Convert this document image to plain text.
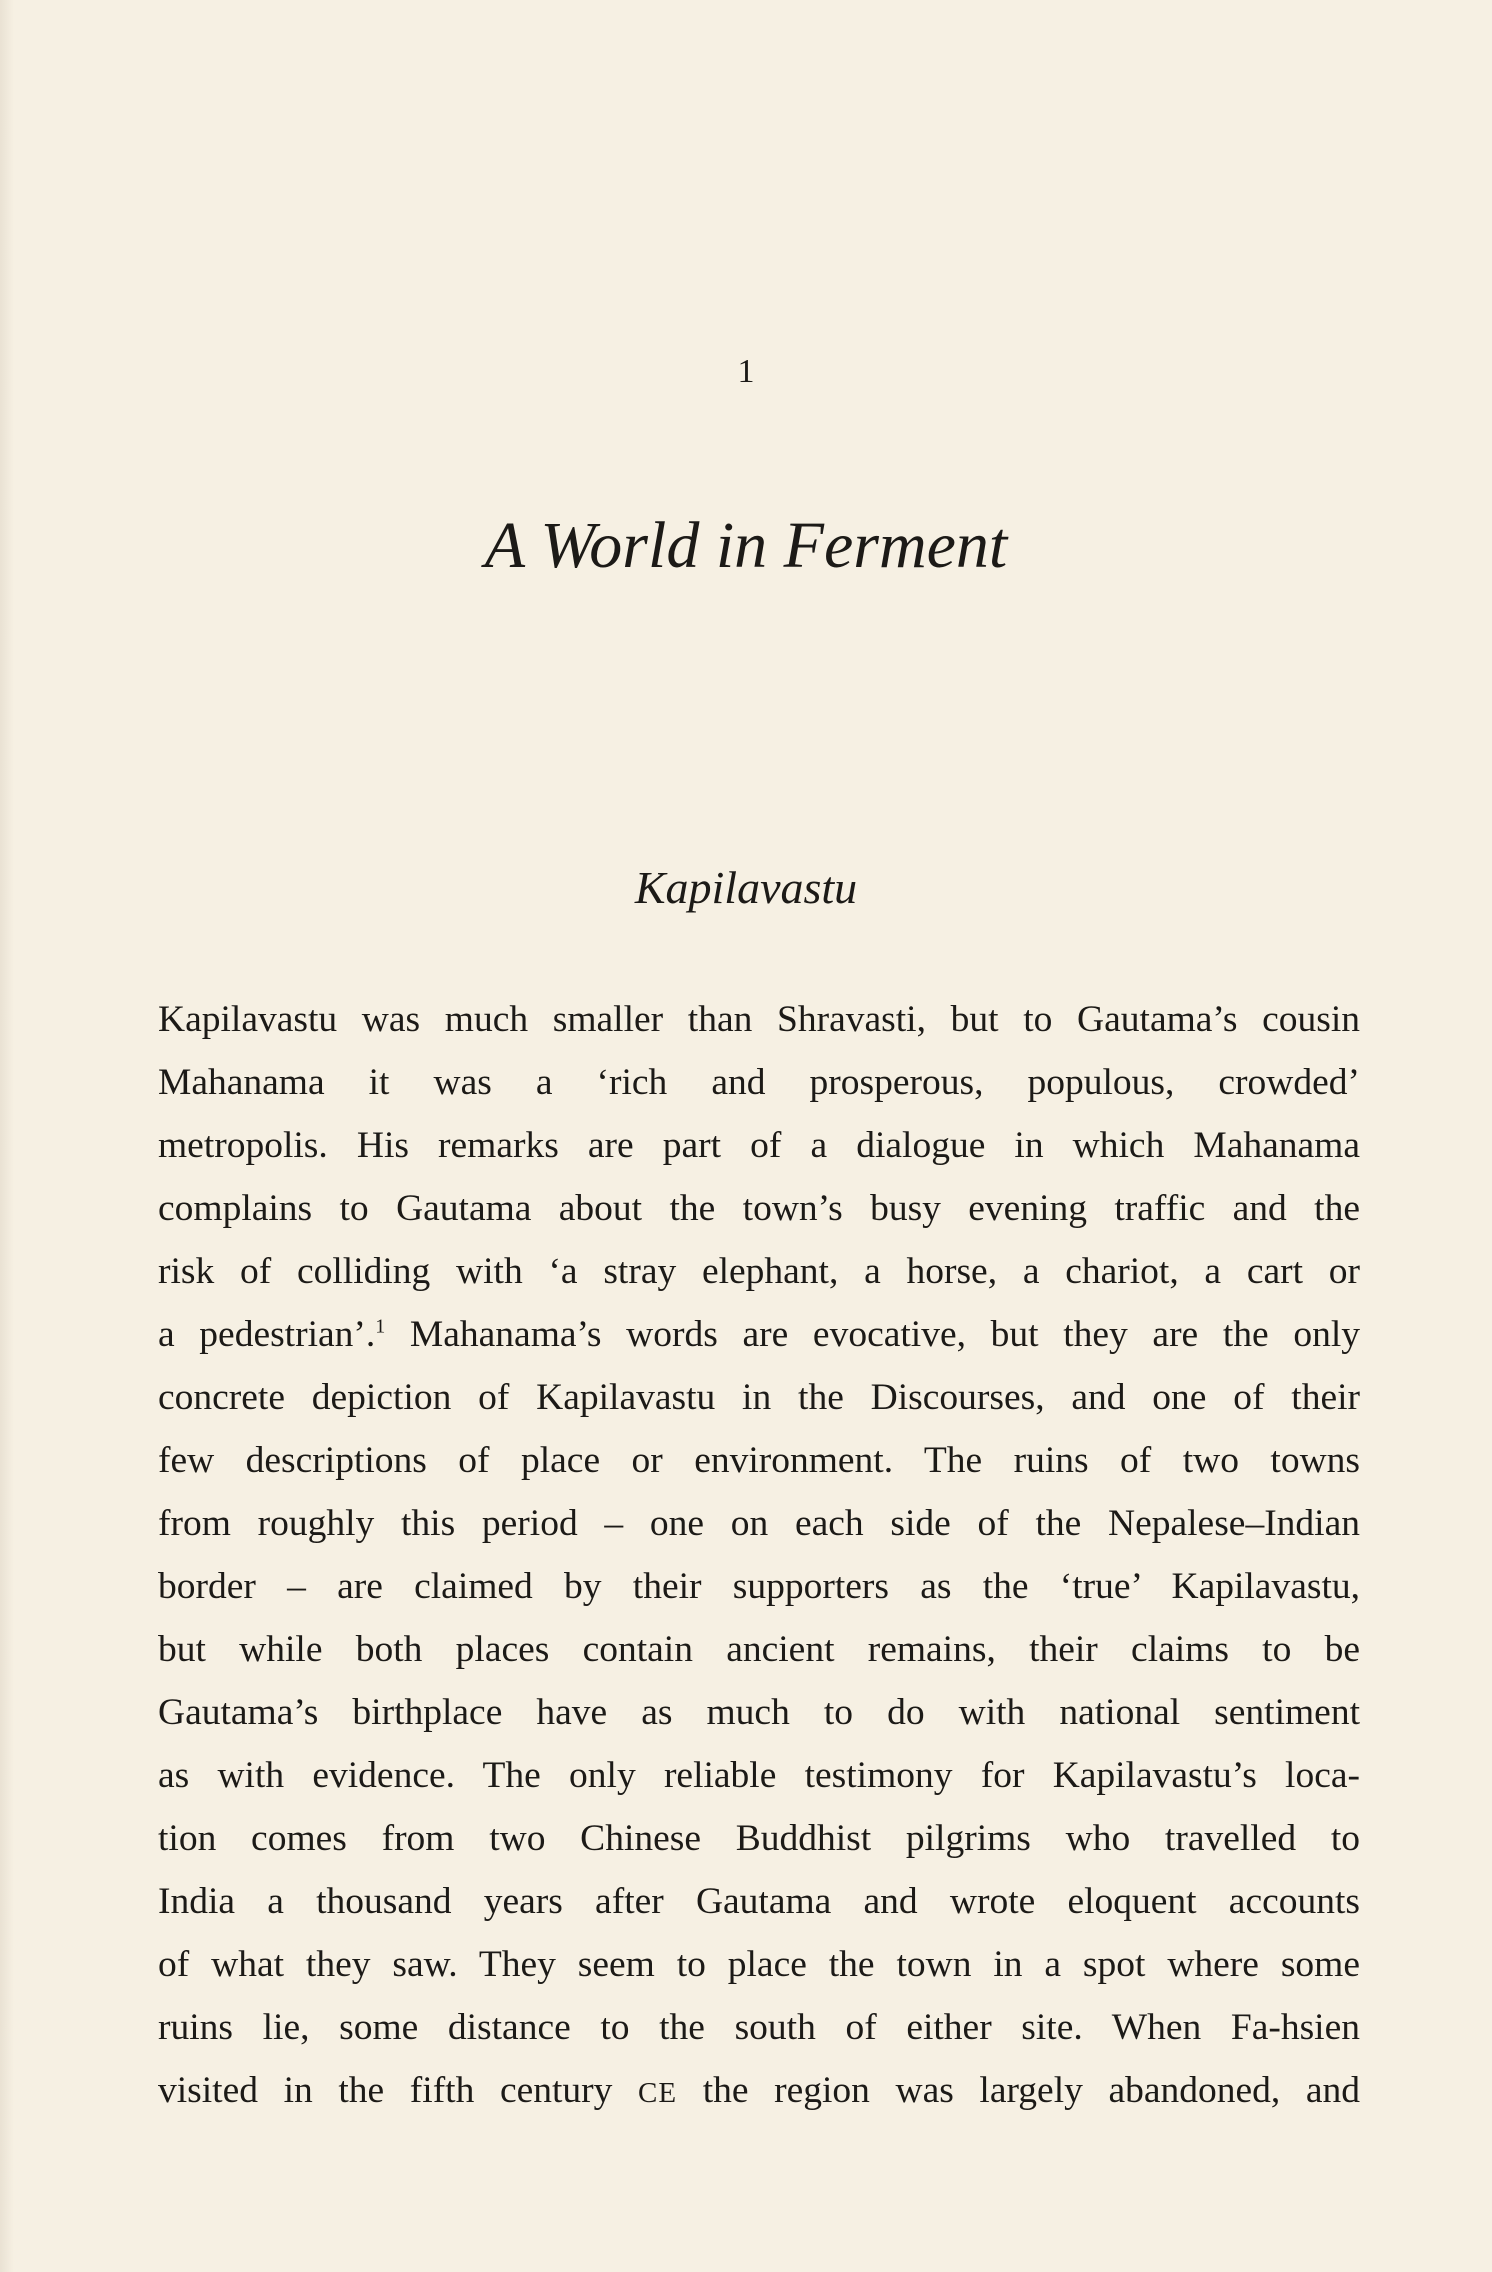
1
A World in Ferment
Kapilavastu
Kapilavastu was much smaller than Shravasti, but to Gautama’s cousin
Mahanama it was a ‘rich and prosperous, populous, crowded’
metropolis. His remarks are part of a dialogue in which Mahanama
complains to Gautama about the town’s busy evening traffic and the
risk of colliding with ‘a stray elephant, a horse, a chariot, a cart or
a pedestrian’.$^1$ Mahanama’s words are evocative, but they are the only
concrete depiction of Kapilavastu in the Discourses, and one of their
few descriptions of place or environment. The ruins of two towns
from roughly this period – one on each side of the Nepalese–Indian
border – are claimed by their supporters as the ‘true’ Kapilavastu,
but while both places contain ancient remains, their claims to be
Gautama’s birthplace have as much to do with national sentiment
as with evidence. The only reliable testimony for Kapilavastu’s loca-
tion comes from two Chinese Buddhist pilgrims who travelled to
India a thousand years after Gautama and wrote eloquent accounts
of what they saw. They seem to place the town in a spot where some
ruins lie, some distance to the south of either site. When Fa-hsien
visited in the fifth century CE the region was largely abandoned, and
